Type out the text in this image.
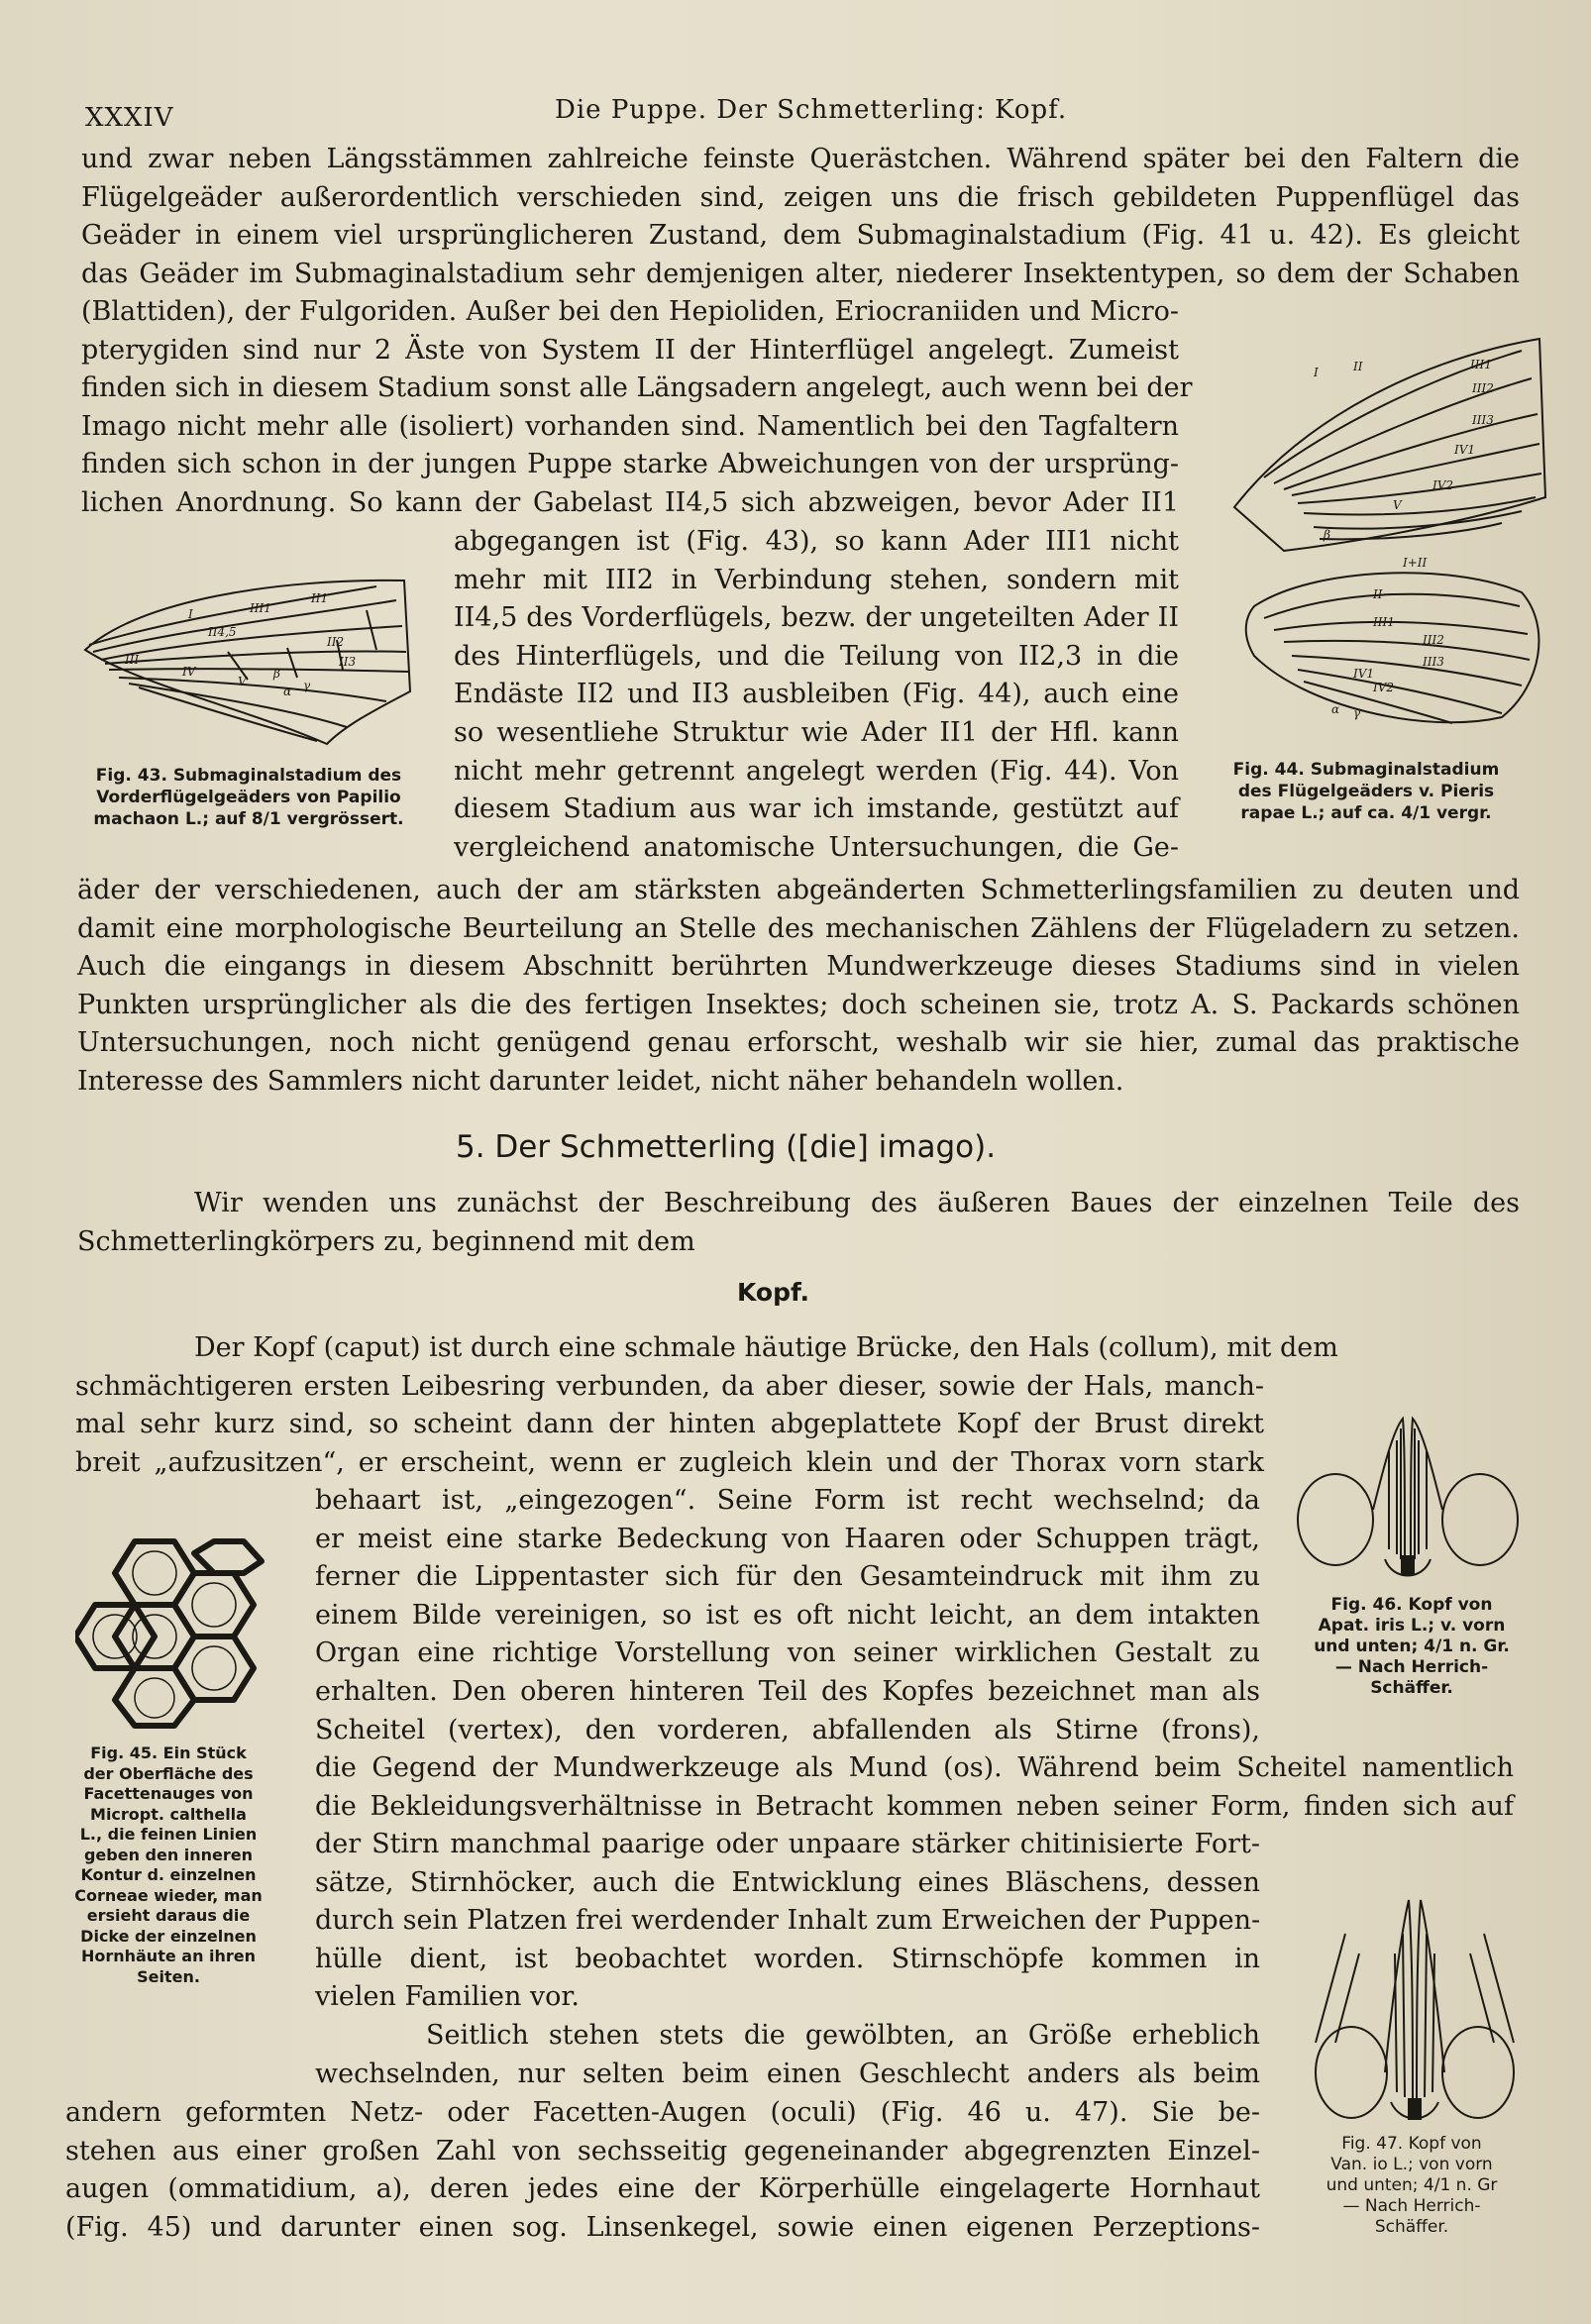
XXXIV	Die Puppe. Der Schmetterling: Kopf.
und zwar neben Längsstämmen zahlreiche feinste Querästchen. Während später bei den Faltern die
Flügelgeäder außerordentlich verschieden sind, zeigen uns die frisch gebildeten Puppenflügel das
Geäder in einem viel ursprünglicheren Zustand, dem Submaginalstadium (Fig. 41 u. 42). Es gleicht
das Geäder im Submaginalstadium sehr demjenigen alter, niederer Insektentypen, so dem der Schaben
(Blattiden), der Fulgoriden. Außer bei den Hepioliden, Eriocraniiden und Micro-
pterygiden sind nur 2 Äste von System II der Hinterflügel angelegt. Zumeist
finden sich in diesem Stadium sonst alle Längsadern angelegt, auch wenn bei der
Imago nicht mehr alle (isoliert) vorhanden sind. Namentlich bei den Tagfaltern
finden sich schon in der jungen Puppe starke Abweichungen von der ursprüng-
lichen Anordnung. So kann der Gabelast II4,5 sich abzweigen, bevor Ader II1
abgegangen ist (Fig. 43), so kann Ader III1 nicht
mehr mit III2 in Verbindung stehen, sondern mit
II4,5 des Vorderflügels, bezw. der ungeteilten Ader II
des Hinterflügels, und die Teilung von II2,3 in die
Endäste II2 und II3 ausbleiben (Fig. 44), auch eine
so wesentliehe Struktur wie Ader II1 der Hfl. kann
nicht mehr getrennt angelegt werden (Fig. 44). Von
diesem Stadium aus war ich imstande, gestützt auf
vergleichend anatomische Untersuchungen, die Ge-
I
II4,5
III1
II1
II2
II3
III
IV
V
β
α γ
Fig. 43. Submaginalstadium des
Vorderflügelgeäders von Papilio
machaon L.; auf 8/1 vergrössert.
I	II	III1
III2
III3
IV1
IV2
V
β
I+II
II
III1
III2
III3
IV1
IV2
α γ
Fig. 44. Submaginalstadium
des Flügelgeäders v. Pieris
rapae L.; auf ca. 4/1 vergr.
äder der verschiedenen, auch der am stärksten abgeänderten Schmetterlingsfamilien zu deuten und
damit eine morphologische Beurteilung an Stelle des mechanischen Zählens der Flügeladern zu setzen.
Auch die eingangs in diesem Abschnitt berührten Mundwerkzeuge dieses Stadiums sind in vielen
Punkten ursprünglicher als die des fertigen Insektes; doch scheinen sie, trotz A. S. Packards schönen
Untersuchungen, noch nicht genügend genau erforscht, weshalb wir sie hier, zumal das praktische
Interesse des Sammlers nicht darunter leidet, nicht näher behandeln wollen.
5. Der Schmetterling ([die] imago).
Wir wenden uns zunächst der Beschreibung des äußeren Baues der einzelnen Teile des
Schmetterlingkörpers zu, beginnend mit dem
Kopf.
Der Kopf (caput) ist durch eine schmale häutige Brücke, den Hals (collum), mit dem
schmächtigeren ersten Leibesring verbunden, da aber dieser, sowie der Hals, manch-
mal sehr kurz sind, so scheint dann der hinten abgeplattete Kopf der Brust direkt
breit „aufzusitzen“, er erscheint, wenn er zugleich klein und der Thorax vorn stark
behaart ist, „eingezogen“. Seine Form ist recht wechselnd; da
er meist eine starke Bedeckung von Haaren oder Schuppen trägt,
ferner die Lippentaster sich für den Gesamteindruck mit ihm zu
einem Bilde vereinigen, so ist es oft nicht leicht, an dem intakten
Organ eine richtige Vorstellung von seiner wirklichen Gestalt zu
erhalten. Den oberen hinteren Teil des Kopfes bezeichnet man als
Scheitel (vertex), den vorderen, abfallenden als Stirne (frons),
die Gegend der Mundwerkzeuge als Mund (os). Während beim Scheitel namentlich
die Bekleidungsverhältnisse in Betracht kommen neben seiner Form, finden sich auf
der Stirn manchmal paarige oder unpaare stärker chitinisierte Fort-
sätze, Stirnhöcker, auch die Entwicklung eines Bläschens, dessen
durch sein Platzen frei werdender Inhalt zum Erweichen der Puppen-
hülle dient, ist beobachtet worden. Stirnschöpfe kommen in
vielen Familien vor.
Seitlich stehen stets die gewölbten, an Größe erheblich
wechselnden, nur selten beim einen Geschlecht anders als beim
andern geformten Netz- oder Facetten-Augen (oculi) (Fig. 46 u. 47). Sie be-
stehen aus einer großen Zahl von sechsseitig gegeneinander abgegrenzten Einzel-
augen (ommatidium, a), deren jedes eine der Körperhülle eingelagerte Hornhaut
(Fig. 45) und darunter einen sog. Linsenkegel, sowie einen eigenen Perzeptions-
Fig. 45. Ein Stück
der Oberfläche des
Facettenauges von
Micropt. calthella
L., die feinen Linien
geben den inneren
Kontur d. einzelnen
Corneae wieder, man
ersieht daraus die
Dicke der einzelnen
Hornhäute an ihren
Seiten.
Fig. 46. Kopf von
Apat. iris L.; v. vorn
und unten; 4/1 n. Gr.
— Nach Herrich-
Schäffer.
Fig. 47. Kopf von
Van. io L.; von vorn
und unten; 4/1 n. Gr
— Nach Herrich-
Schäffer.
